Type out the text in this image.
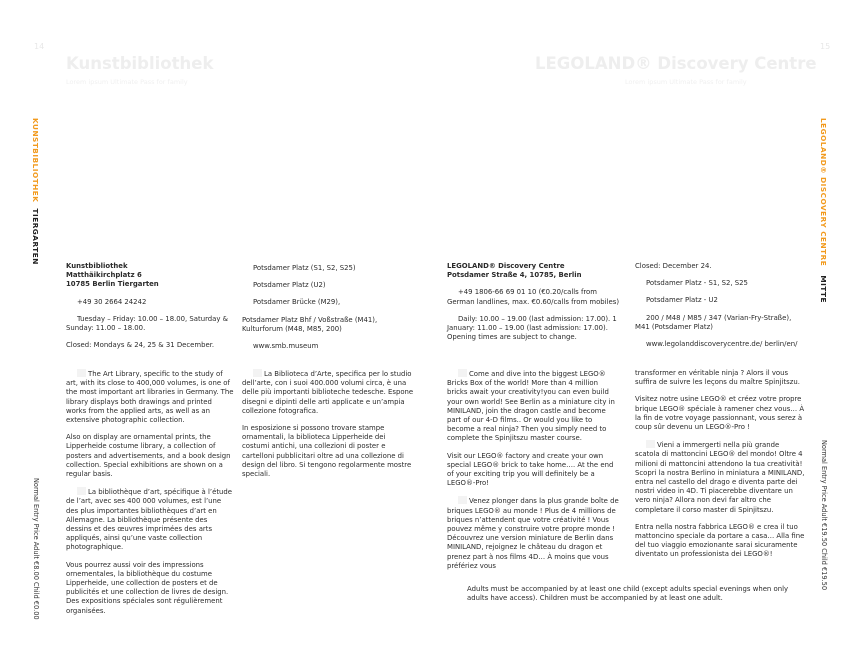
14
Kunstbibliothek
Lorem ipsum Ultimate Pass for family
KUNSTBIBLIOTHEK  TIERGARTEN
Normal Entry Price Adult €8.00 Child €0.00
Kunstbibliothek
Matthäikirchplatz 6
10785 Berlin Tiergarten

+49 30 2664 24242

Tuesday – Friday: 10.00 – 18.00, Saturday & Sunday: 11.00 – 18.00.

Closed: Mondays & 24, 25 & 31 December.

Potsdamer Platz (S1, S2, S25)

Potsdamer Platz (U2)

Potsdamer Brücke (M29),

Potsdamer Platz Bhf / Voßstraße (M41), Kulturforum (M48, M85, 200)

www.smb.museum

The Art Library, specific to the study of art, with its close to 400,000 volumes, is one of the most important art libraries in Germany. The library displays both drawings and printed works from the applied arts, as well as an extensive photographic collection.

Also on display are ornamental prints, the Lipperheide costume library, a collection of posters and advertisements, and a book design collection. Special exhibitions are shown on a regular basis.

La bibliothèque d’art, spécifique à l’étude de l’art, avec ses 400 000 volumes, est l’une des plus importantes bibliothèques d’art en Allemagne. La bibliothèque présente des dessins et des œuvres imprimées des arts appliqués, ainsi qu’une vaste collection photographique.

Vous pourrez aussi voir des impressions ornementales, la bibliothèque du costume Lipperheide, une collection de posters et de publicités et une collection de livres de design. Des expositions spéciales sont régulièrement organisées.

La Biblioteca d’Arte, specifica per lo studio dell’arte, con i suoi 400.000 volumi circa, è una delle più importanti biblioteche tedesche. Espone disegni e dipinti delle arti applicate e un’ampia collezione fotografica.

In esposizione si possono trovare stampe ornamentali, la biblioteca Lipperheide dei costumi antichi, una collezioni di poster e cartelloni pubblicitari oltre ad una collezione di design del libro. Si tengono regolarmente mostre speciali.

15
LEGOLAND® Discovery Centre
Lorem ipsum Ultimate Pass for family
LEGOLAND® DISCOVERY CENTRE   MITTE
Normal Entry Price Adult €19.50 Child €19.50
LEGOLAND® Discovery Centre
Potsdamer Straße 4, 10785, Berlin

+49 1806-66 69 01 10 (€0.20/calls from German landlines, max. €0.60/calls from mobiles)

Daily: 10.00 – 19.00 (last admission: 17.00). 1 January: 11.00 – 19.00 (last admission: 17.00). Opening times are subject to change.

Closed: December 24.

Potsdamer Platz - S1, S2, S25

Potsdamer Platz - U2

200 / M48 / M85 / 347 (Varian-Fry-Straße), M41 (Potsdamer Platz)

www.legolanddiscoverycentre.de/ berlin/en/

Come and dive into the biggest LEGO® Bricks Box of the world! More than 4 million bricks await your creativity!you can even build your own world! See Berlin as a miniature city in MINILAND, join the dragon castle and become part of our 4-D films.. Or would you like to become a real ninja? Then you simply need to complete the Spinjitszu master course.

Visit our LEGO® factory and create your own special LEGO® brick to take home…. At the end of your exciting trip you will definitely be a LEGO®-Pro!

Venez plonger dans la plus grande boîte de briques LEGO® au monde ! Plus de 4 millions de briques n’attendent que votre créativité ! Vous pouvez même y construire votre propre monde ! Découvrez une version miniature de Berlin dans MINILAND, rejoignez le château du dragon et prenez part à nos films 4D… À moins que vous préfériez vous

transformer en véritable ninja ? Alors il vous suffira de suivre les leçons du maître Spinjitszu.

Visitez notre usine LEGO® et créez votre propre brique LEGO® spéciale à ramener chez vous… À la fin de votre voyage passionnant, vous serez à coup sûr devenu un LEGO®-Pro !

Vieni a immergerti nella più grande scatola di mattoncini LEGO® del mondo! Oltre 4 milioni di mattoncini attendono la tua creatività! Scopri la nostra Berlino in miniatura a MINILAND, entra nel castello del drago e diventa parte dei nostri video in 4D. Ti piacerebbe diventare un vero ninja? Allora non devi far altro che completare il corso master di Spinjitszu.

Entra nella nostra fabbrica LEGO® e crea il tuo mattoncino speciale da portare a casa… Alla fine del tuo viaggio emozionante sarai sicuramente diventato un professionista dei LEGO®!

Adults must be accompanied by at least one child (except adults special evenings when only adults have access). Children must be accompanied by at least one adult.
